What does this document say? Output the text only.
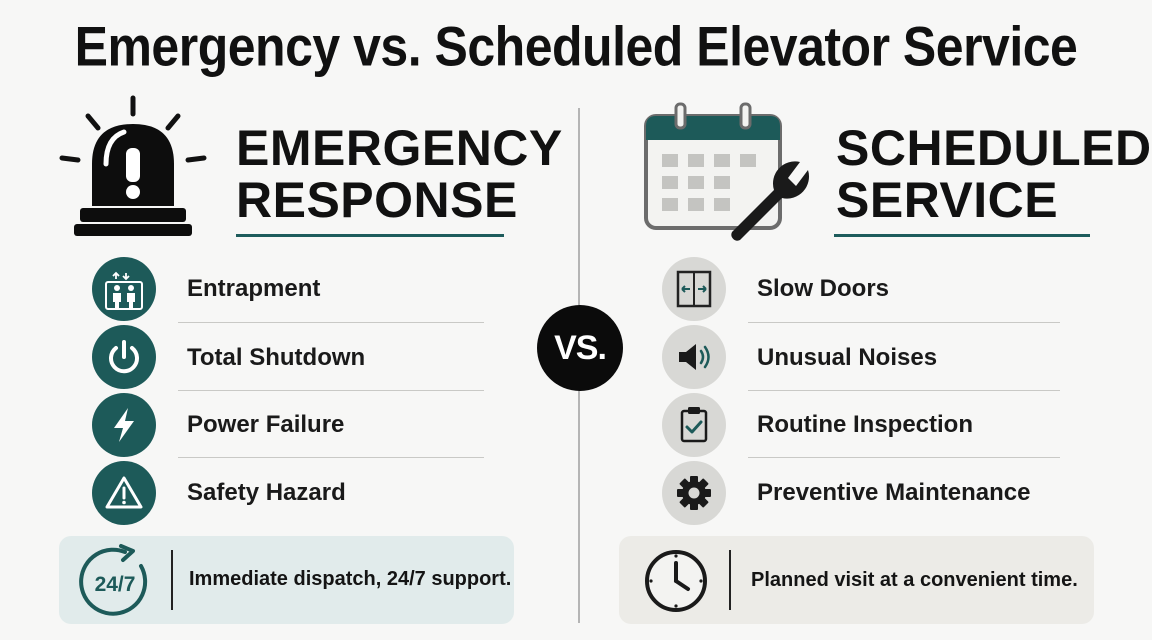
Emergency vs. Scheduled Elevator Service
VS.
EMERGENCY
RESPONSE
Entrapment
Total Shutdown
Power Failure
Safety Hazard
24/7	Immediate dispatch, 24/7 support.
SCHEDULED
SERVICE
Slow Doors
Unusual Noises
Routine Inspection
Preventive Maintenance
Planned visit at a convenient time.
